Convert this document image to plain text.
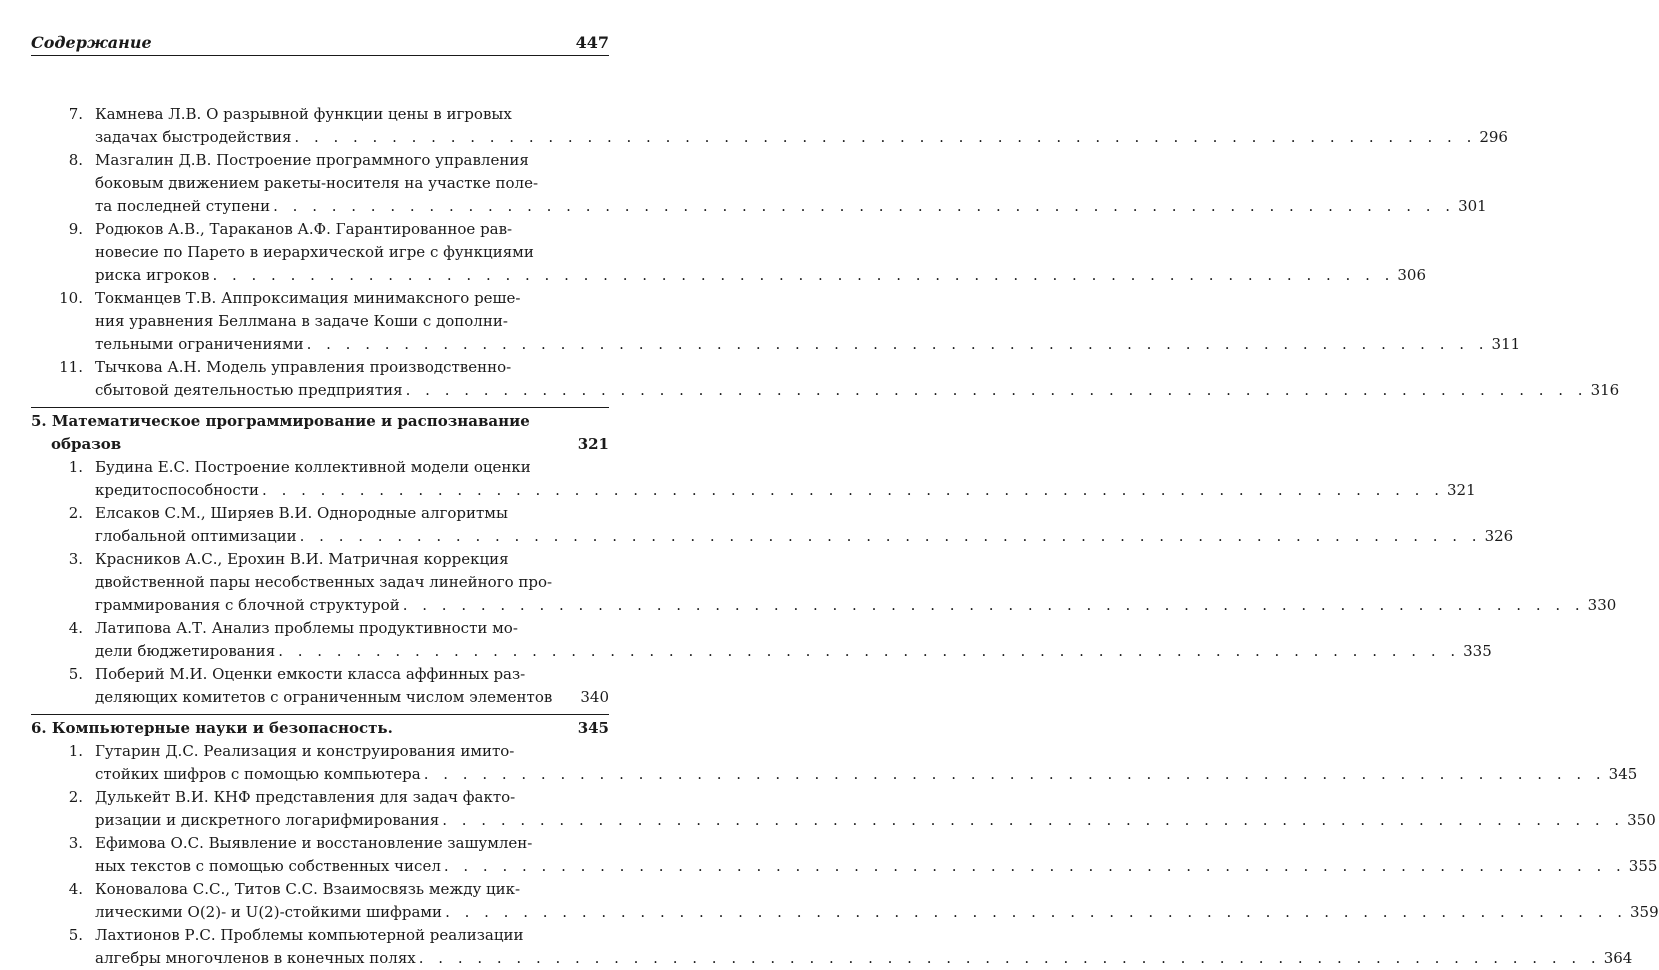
Содержание	447
7. Камнева Л.В. О разрывной функции цены в игровых
задачах быстродействия . . .	296
8. Мазгалин Д.В. Построение программного управления
боковым движением ракеты-носителя на участке поле-
та последней ступени . . .	301
9. Родюков А.В., Тараканов А.Ф. Гарантированное рав-
новесие по Парето в иерархической игре с функциями
риска игроков . . .	306
10. Токманцев Т.В. Аппроксимация минимаксного реше-
ния уравнения Беллмана в задаче Коши с дополни-
тельными ограничениями . . .	311
11. Тычкова А.Н. Модель управления производственно-
сбытовой деятельностью предприятия . . .	316
5. Математическое программирование и распознавание
образов	321
1. Будина Е.С. Построение коллективной модели оценки
кредитоспособности . . .	321
2. Елсаков С.М., Ширяев В.И. Однородные алгоритмы
глобальной оптимизации . . .	326
3. Красников А.С., Ерохин В.И. Матричная коррекция
двойственной пары несобственных задач линейного про-
граммирования с блочной структурой . . .	330
4. Латипова А.Т. Анализ проблемы продуктивности мо-
дели бюджетирования . . .	335
5. Поберий М.И. Оценки емкости класса аффинных раз-
деляющих комитетов с ограниченным числом элементов 340
6. Компьютерные науки и безопасность.	345
1. Гутарин Д.С. Реализация и конструирования имито-
стойких шифров с помощью компьютера . . .	345
2. Дулькейт В.И. КНФ представления для задач факто-
ризации и дискретного логарифмирования . . .	350
3. Ефимова О.С. Выявление и восстановление зашумлен-
ных текстов с помощью собственных чисел . . .	355
4. Коновалова С.С., Титов С.С. Взаимосвязь между цик-
лическими O(2)- и U(2)-стойкими шифрами . . .	359
5. Лахтионов Р.С. Проблемы компьютерной реализации
алгебры многочленов в конечных полях . . .	364
